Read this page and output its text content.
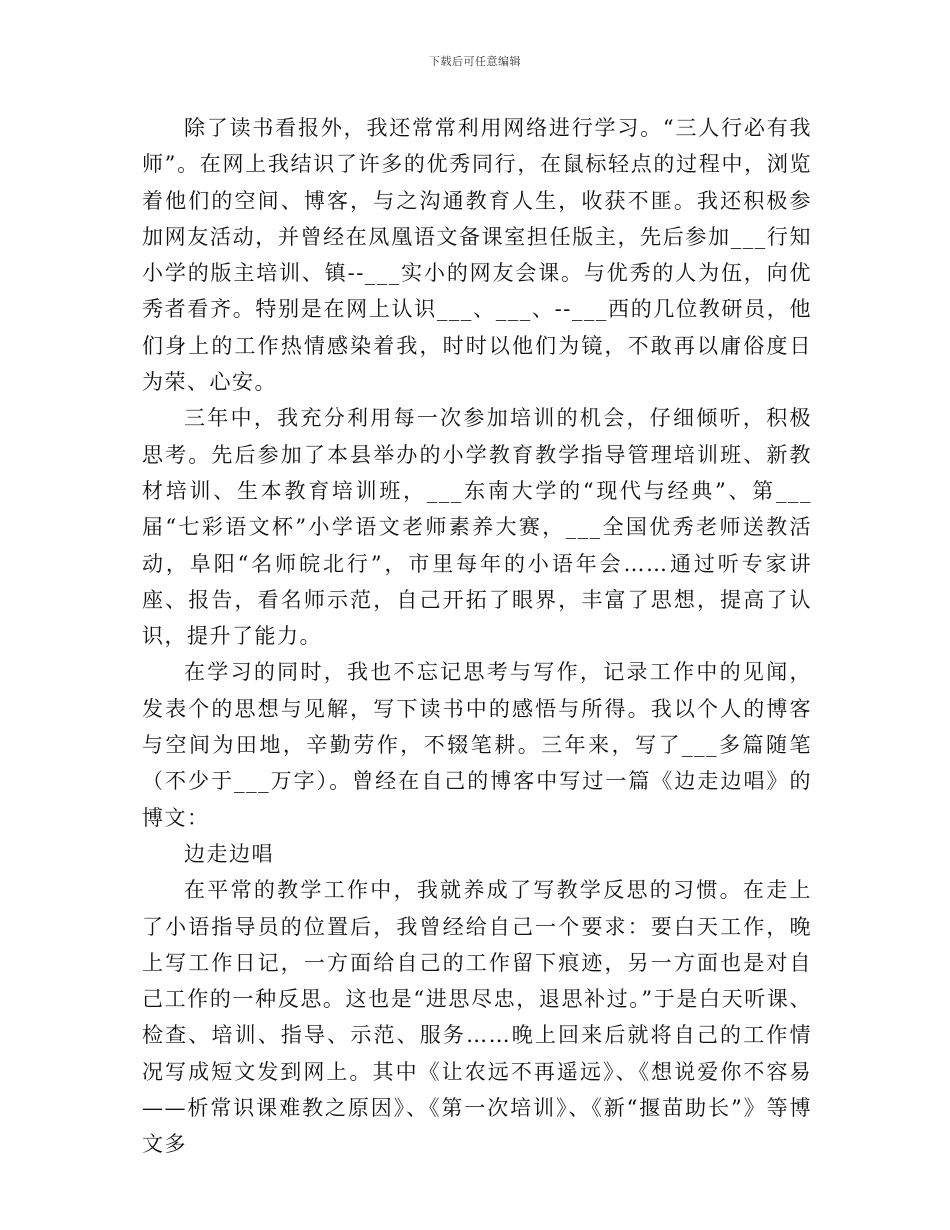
下载后可任意编辑

除了读书看报外，我还常常利用网络进行学习。“三人行必有我师”。在网上我结识了许多的优秀同行，在鼠标轻点的过程中，浏览着他们的空间、博客，与之沟通教育人生，收获不匪。我还积极参加网友活动，并曾经在凤凰语文备课室担任版主，先后参加___行知小学的版主培训、镇--___实小的网友会课。与优秀的人为伍，向优秀者看齐。特别是在网上认识___、___、--___西的几位教研员，他们身上的工作热情感染着我，时时以他们为镜，不敢再以庸俗度日为荣、心安。

三年中，我充分利用每一次参加培训的机会，仔细倾听，积极思考。先后参加了本县举办的小学教育教学指导管理培训班、新教材培训、生本教育培训班，___东南大学的“现代与经典”、第___届“七彩语文杯”小学语文老师素养大赛，___全国优秀老师送教活动，阜阳“名师皖北行”，市里每年的小语年会……通过听专家讲座、报告，看名师示范，自己开拓了眼界，丰富了思想，提高了认识，提升了能力。

在学习的同时，我也不忘记思考与写作，记录工作中的见闻，发表个的思想与见解，写下读书中的感悟与所得。我以个人的博客与空间为田地，辛勤劳作，不辍笔耕。三年来，写了___多篇随笔（不少于___万字）。曾经在自己的博客中写过一篇《边走边唱》的博文：

边走边唱

在平常的教学工作中，我就养成了写教学反思的习惯。在走上了小语指导员的位置后，我曾经给自己一个要求：要白天工作，晚上写工作日记，一方面给自己的工作留下痕迹，另一方面也是对自己工作的一种反思。这也是“进思尽忠，退思补过。”于是白天听课、检查、培训、指导、示范、服务……晚上回来后就将自己的工作情况写成短文发到网上。其中《让农远不再遥远》、《想说爱你不容易——析常识课难教之原因》、《第一次培训》、《新“揠苗助长”》等博文多
